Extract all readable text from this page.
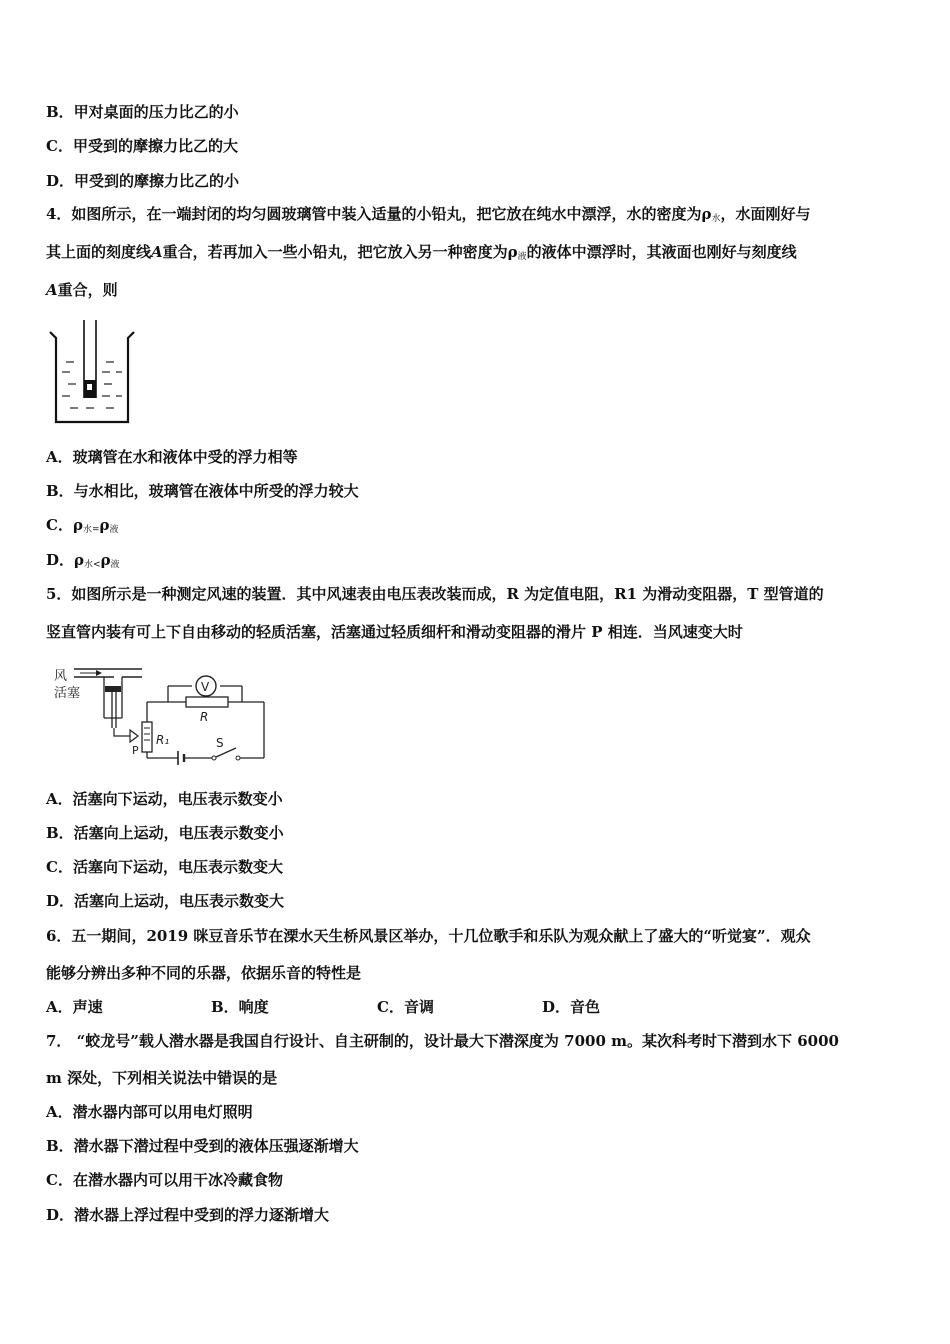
B．甲对桌面的压力比乙的小
C．甲受到的摩擦力比乙的大
D．甲受到的摩擦力比乙的小
4．如图所示，在一端封闭的均匀圆玻璃管中装入适量的小铅丸，把它放在纯水中漂浮，水的密度为$\rho_水$，水面刚好与
其上面的刻度线A重合，若再加入一些小铅丸，把它放入另一种密度为$\rho_液$的液体中漂浮时，其液面也刚好与刻度线
A重合，则
A．玻璃管在水和液体中受的浮力相等
B．与水相比，玻璃管在液体中所受的浮力较大
C．$\rho_{水=}\rho_液$
D．$\rho_{水<}\rho_液$
5．如图所示是一种测定风速的装置．其中风速表由电压表改装而成，R 为定值电阻，R1 为滑动变阻器，T 型管道的
竖直管内装有可上下自由移动的轻质活塞，活塞通过轻质细杆和滑动变阻器的滑片 P 相连．当风速变大时
风
活塞
P
R₁	S
R
V
A．活塞向下运动，电压表示数变小
B．活塞向上运动，电压表示数变小
C．活塞向下运动，电压表示数变大
D．活塞向上运动，电压表示数变大
6．五一期间，2019 咪豆音乐节在溧水天生桥风景区举办，十几位歌手和乐队为观众献上了盛大的“听觉宴”．观众
能够分辨出多种不同的乐器，依据乐音的特性是
A．声速	B．响度	C．音调	D．音色
7． “蛟龙号”载人潜水器是我国自行设计、自主研制的，设计最大下潜深度为 7000 m。某次科考时下潜到水下 6000
m 深处，下列相关说法中错误的是
A．潜水器内部可以用电灯照明
B．潜水器下潜过程中受到的液体压强逐渐增大
C．在潜水器内可以用干冰冷藏食物
D．潜水器上浮过程中受到的浮力逐渐增大
